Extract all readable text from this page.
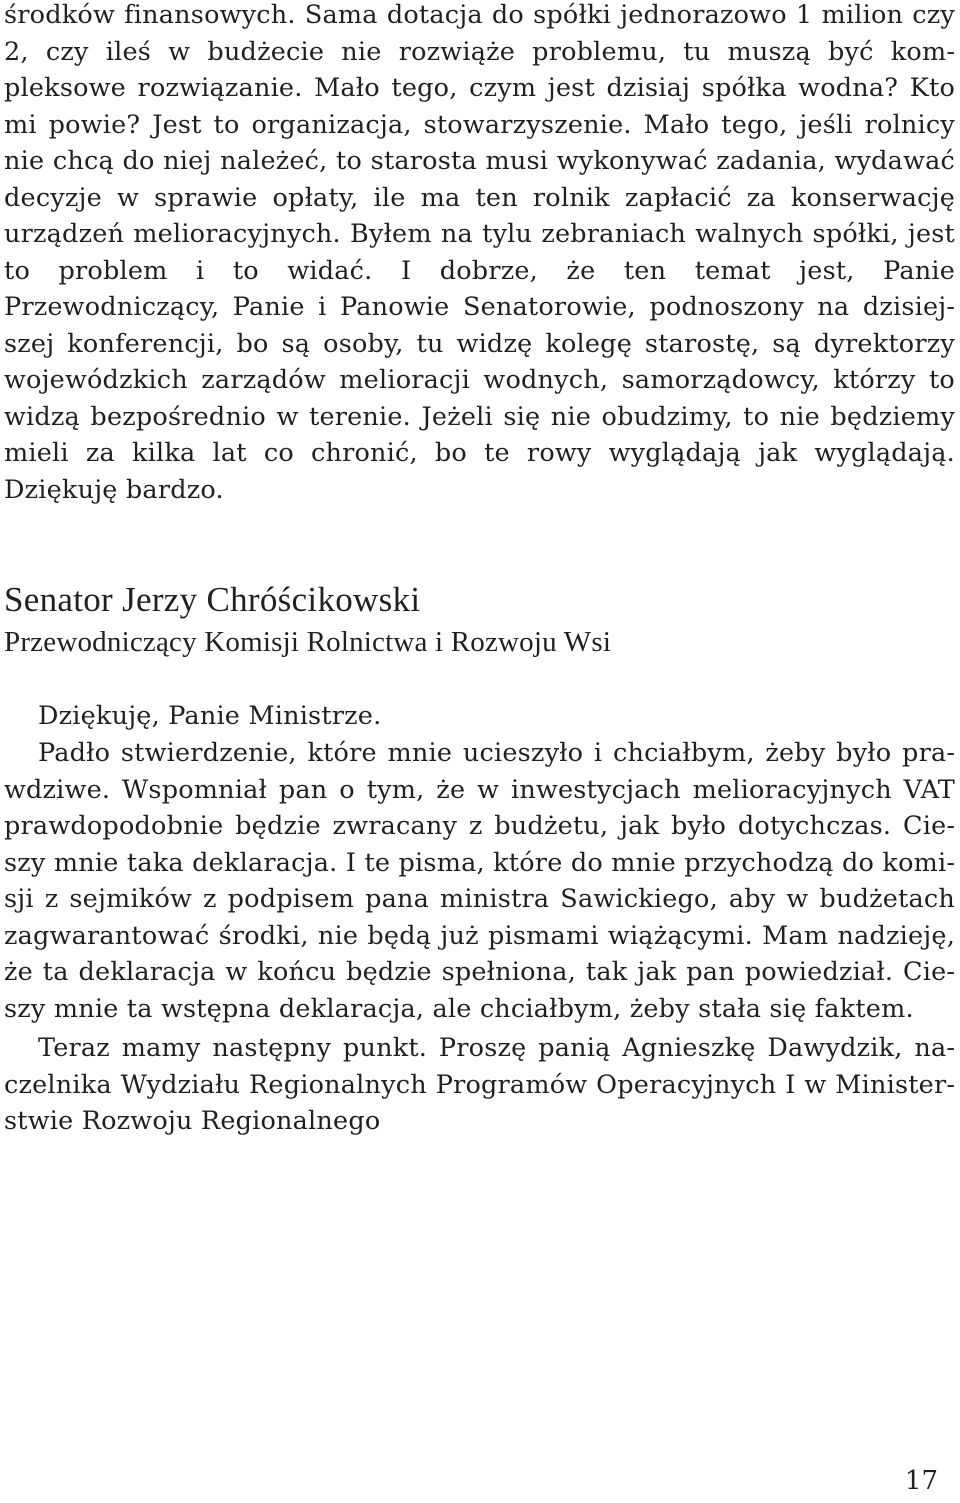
środków finansowych. Sama dotacja do spółki jednorazowo 1 milion czy 2, czy ileś w budżecie nie rozwiąże problemu, tu muszą być kompleksowe rozwiązanie. Mało tego, czym jest dzisiaj spółka wodna? Kto mi powie? Jest to organizacja, stowarzyszenie. Mało tego, jeśli rolnicy nie chcą do niej należeć, to starosta musi wykonywać zadania, wydawać decyzje w sprawie opłaty, ile ma ten rolnik zapłacić za konserwację urządzeń melioracyjnych. Byłem na tylu zebraniach walnych spółki, jest to problem i to widać. I dobrze, że ten temat jest, Panie Przewodniczący, Panie i Panowie Senatorowie, podnoszony na dzisiejszej konferencji, bo są osoby, tu widzę kolegę starostę, są dyrektorzy wojewódzkich zarządów melioracji wodnych, samorządowcy, którzy to widzą bezpośrednio w terenie. Jeżeli się nie obudzimy, to nie będziemy mieli za kilka lat co chronić, bo te rowy wyglądają jak wyglądają. Dziękuję bardzo.

Senator Jerzy Chróścikowski
Przewodniczący Komisji Rolnictwa i Rozwoju Wsi

Dziękuję, Panie Ministrze.

Padło stwierdzenie, które mnie ucieszyło i chciałbym, żeby było prawdziwe. Wspomniał pan o tym, że w inwestycjach melioracyjnych VAT prawdopodobnie będzie zwracany z budżetu, jak było dotychczas. Cieszy mnie taka deklaracja. I te pisma, które do mnie przychodzą do komisji z sejmików z podpisem pana ministra Sawickiego, aby w budżetach zagwarantować środki, nie będą już pismami wiążącymi. Mam nadzieję, że ta deklaracja w końcu będzie spełniona, tak jak pan powiedział. Cieszy mnie ta wstępna deklaracja, ale chciałbym, żeby stała się faktem.

Teraz mamy następny punkt. Proszę panią Agnieszkę Dawydzik, naczelnika Wydziału Regionalnych Programów Operacyjnych I w Ministerstwie Rozwoju Regionalnego

17
